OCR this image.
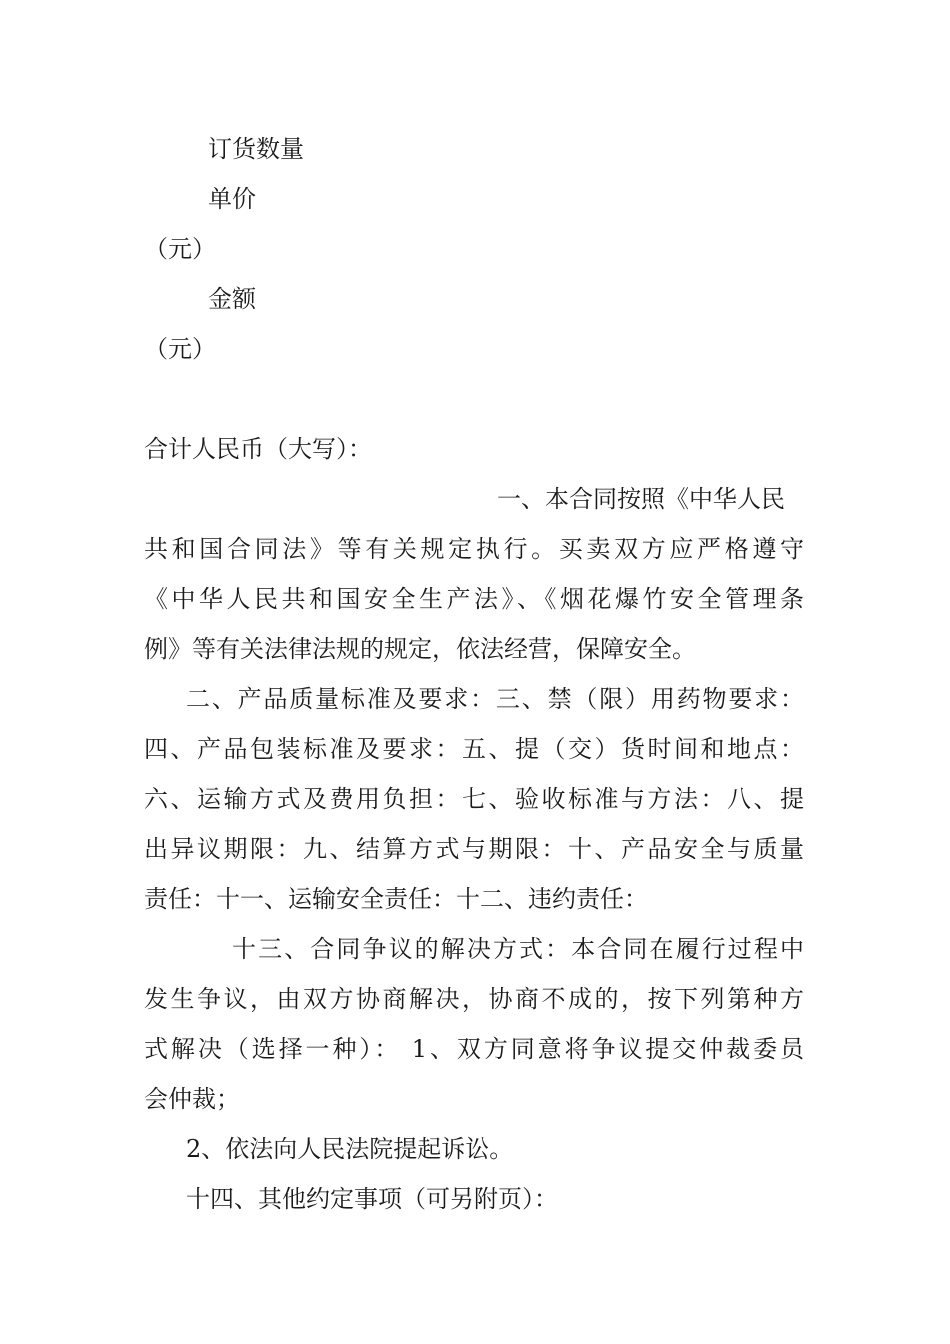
订货数量
单价
（元）
金额
（元）
合计人民币（大写）：
一、本合同按照《中华人民
共和国合同法》等有关规定执行。买卖双方应严格遵守
《中华人民共和国安全生产法》、《烟花爆竹安全管理条
例》等有关法律法规的规定，依法经营，保障安全。
二、产品质量标准及要求：三、禁（限）用药物要求：
四、产品包装标准及要求：五、提（交）货时间和地点：
六、运输方式及费用负担：七、验收标准与方法：八、提
出异议期限：九、结算方式与期限：十、产品安全与质量
责任：十一、运输安全责任：十二、违约责任：
十三、合同争议的解决方式：本合同在履行过程中
发生争议，由双方协商解决，协商不成的，按下列第种方
式解决（选择一种）： 1、双方同意将争议提交仲裁委员
会仲裁；
2、依法向人民法院提起诉讼。
十四、其他约定事项（可另附页）：
